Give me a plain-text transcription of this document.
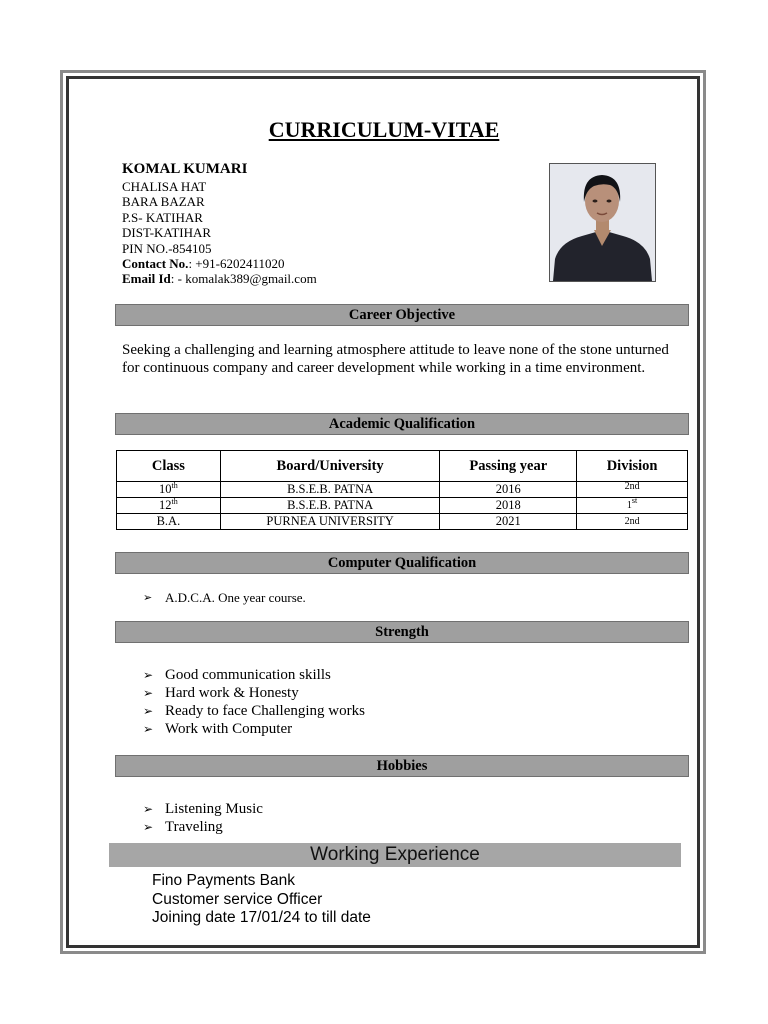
CURRICULUM-VITAE
KOMAL KUMARI
CHALISA HAT
BARA BAZAR
P.S- KATIHAR
DIST-KATIHAR
PIN NO.-854105
Contact No.: +91-6202411020
Email Id: - komalak389@gmail.com
Career Objective
Seeking a challenging and learning atmosphere attitude to leave none of the stone unturned for continuous company and career development while working in a time environment.
Academic Qualification
Class	Board/University	Passing year	Division
10th	B.S.E.B. PATNA	2016	2nd
12th	B.S.E.B. PATNA	2018	1st
B.A.	PURNEA UNIVERSITY	2021	2nd
Computer Qualification
➢ A.D.C.A. One year course.
Strength
➢ Good communication skills
➢ Hard work & Honesty
➢ Ready to face Challenging works
➢ Work with Computer
Hobbies
➢ Listening Music
➢ Traveling
Working Experience
Fino Payments Bank
Customer service Officer
Joining date 17/01/24 to till date
